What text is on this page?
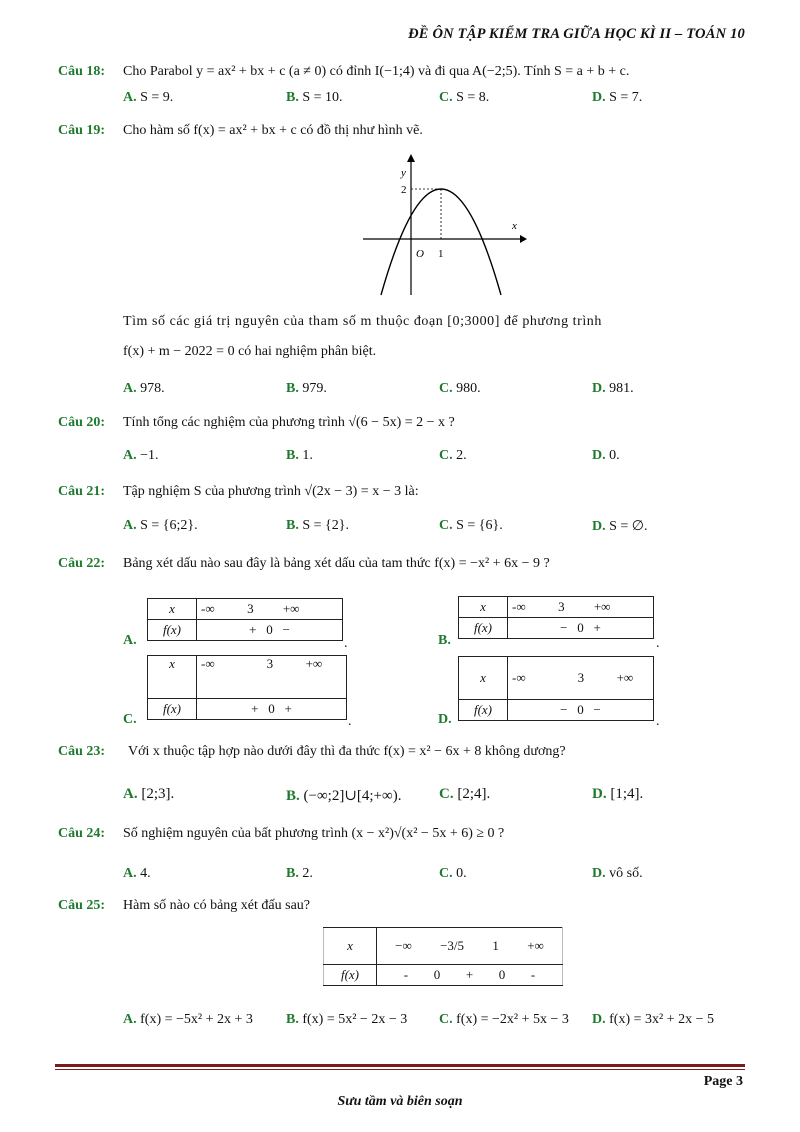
ĐỀ ÔN TẬP KIỂM TRA GIỮA HỌC KÌ II – TOÁN 10
Câu 18: Cho Parabol y = ax² + bx + c (a ≠ 0) có đỉnh I(−1;4) và đi qua A(−2;5). Tính S = a + b + c.
A. S = 9.	B. S = 10.	C. S = 8.	D. S = 7.
Câu 19: Cho hàm số f(x) = ax² + bx + c có đồ thị như hình vẽ.
y
x
2
O 1
Tìm số các giá trị nguyên của tham số m thuộc đoạn [0;3000] để phương trình
f(x) + m − 2022 = 0 có hai nghiệm phân biệt.
A. 978.	B. 979.	C. 980.	D. 981.
Câu 20: Tính tổng các nghiệm của phương trình √(6 − 5x) = 2 − x ?
A. −1.	B. 1.	C. 2.	D. 0.
Câu 21: Tập nghiệm S của phương trình √(2x − 3) = x − 3 là:
A. S = {6;2}.	B. S = {2}.	C. S = {6}.	D. S = ∅.
Câu 22: Bảng xét dấu nào sau đây là bảng xét dấu của tam thức f(x) = −x² + 6x − 9 ?
A.
x	-∞          3         +∞
f(x)	+   0   −
.	B.
x	-∞          3         +∞
f(x)	−   0   +
.
C.
x	-∞                3          +∞
f(x)	+   0   +
.	D.
x	-∞                3          +∞
f(x)	−   0   −
.
Câu 23: Với x thuộc tập hợp nào dưới đây thì đa thức f(x) = x² − 6x + 8 không dương?
A. [2;3].	B. (−∞;2]∪[4;+∞).	C. [2;4].	D. [1;4].
Câu 24: Số nghiệm nguyên của bất phương trình (x − x²)√(x² − 5x + 6) ≥ 0 ?
A. 4.	B. 2.	C. 0.	D. vô số.
Câu 25: Hàm số nào có bảng xét đấu sau?
x	−∞ −3/5 1 +∞

f(x)	- 0 + 0 -
A. f(x) = −5x² + 2x + 3 B. f(x) = 5x² − 2x − 3 C. f(x) = −2x² + 5x − 3 D. f(x) = 3x² + 2x − 5
Page 3
Sưu tầm và biên soạn
